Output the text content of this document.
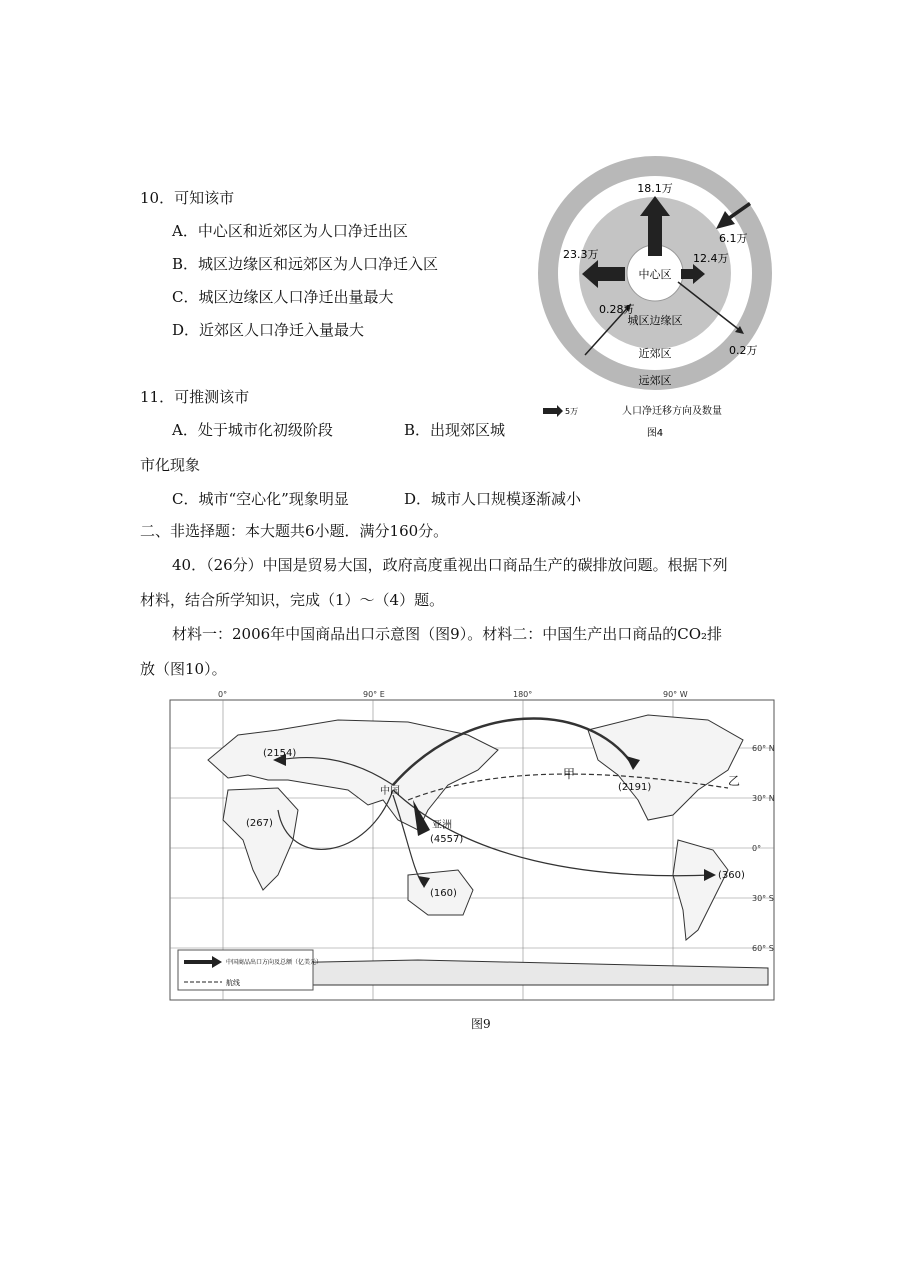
10．可知该市
A．中心区和近郊区为人口净迁出区
B．城区边缘区和远郊区为人口净迁入区
C．城区边缘区人口净迁出量最大
D．近郊区人口净迁入量最大
11．可推测该市
A．处于城市化初级阶段	B．出现郊区城
市化现象
C．城市“空心化”现象明显	D．城市人口规模逐渐减小
二、非选择题：本大题共6小题．满分160分。
40．（26分）中国是贸易大国，政府高度重视出口商品生产的碳排放问题。根据下列
材料，结合所学知识，完成（1）～（4）题。
材料一：2006年中国商品出口示意图（图9）。材料二：中国生产出口商品的CO₂排
放（图10）。
中心区
城区边缘区
近郊区
远郊区
18.1万
23.3万	12.4万
6.1万
0.28万
0.2万
5万	人口净迁移方向及数量
图4
0°	90° E	180°	90° W
60° N
30° N
0°
30° S
60° S
中国
甲	乙
亚洲
(2154)
(2191)
(267)
(4557)
(160)
(360)
中国商品出口方向及总额（亿美元）
航线
图9
